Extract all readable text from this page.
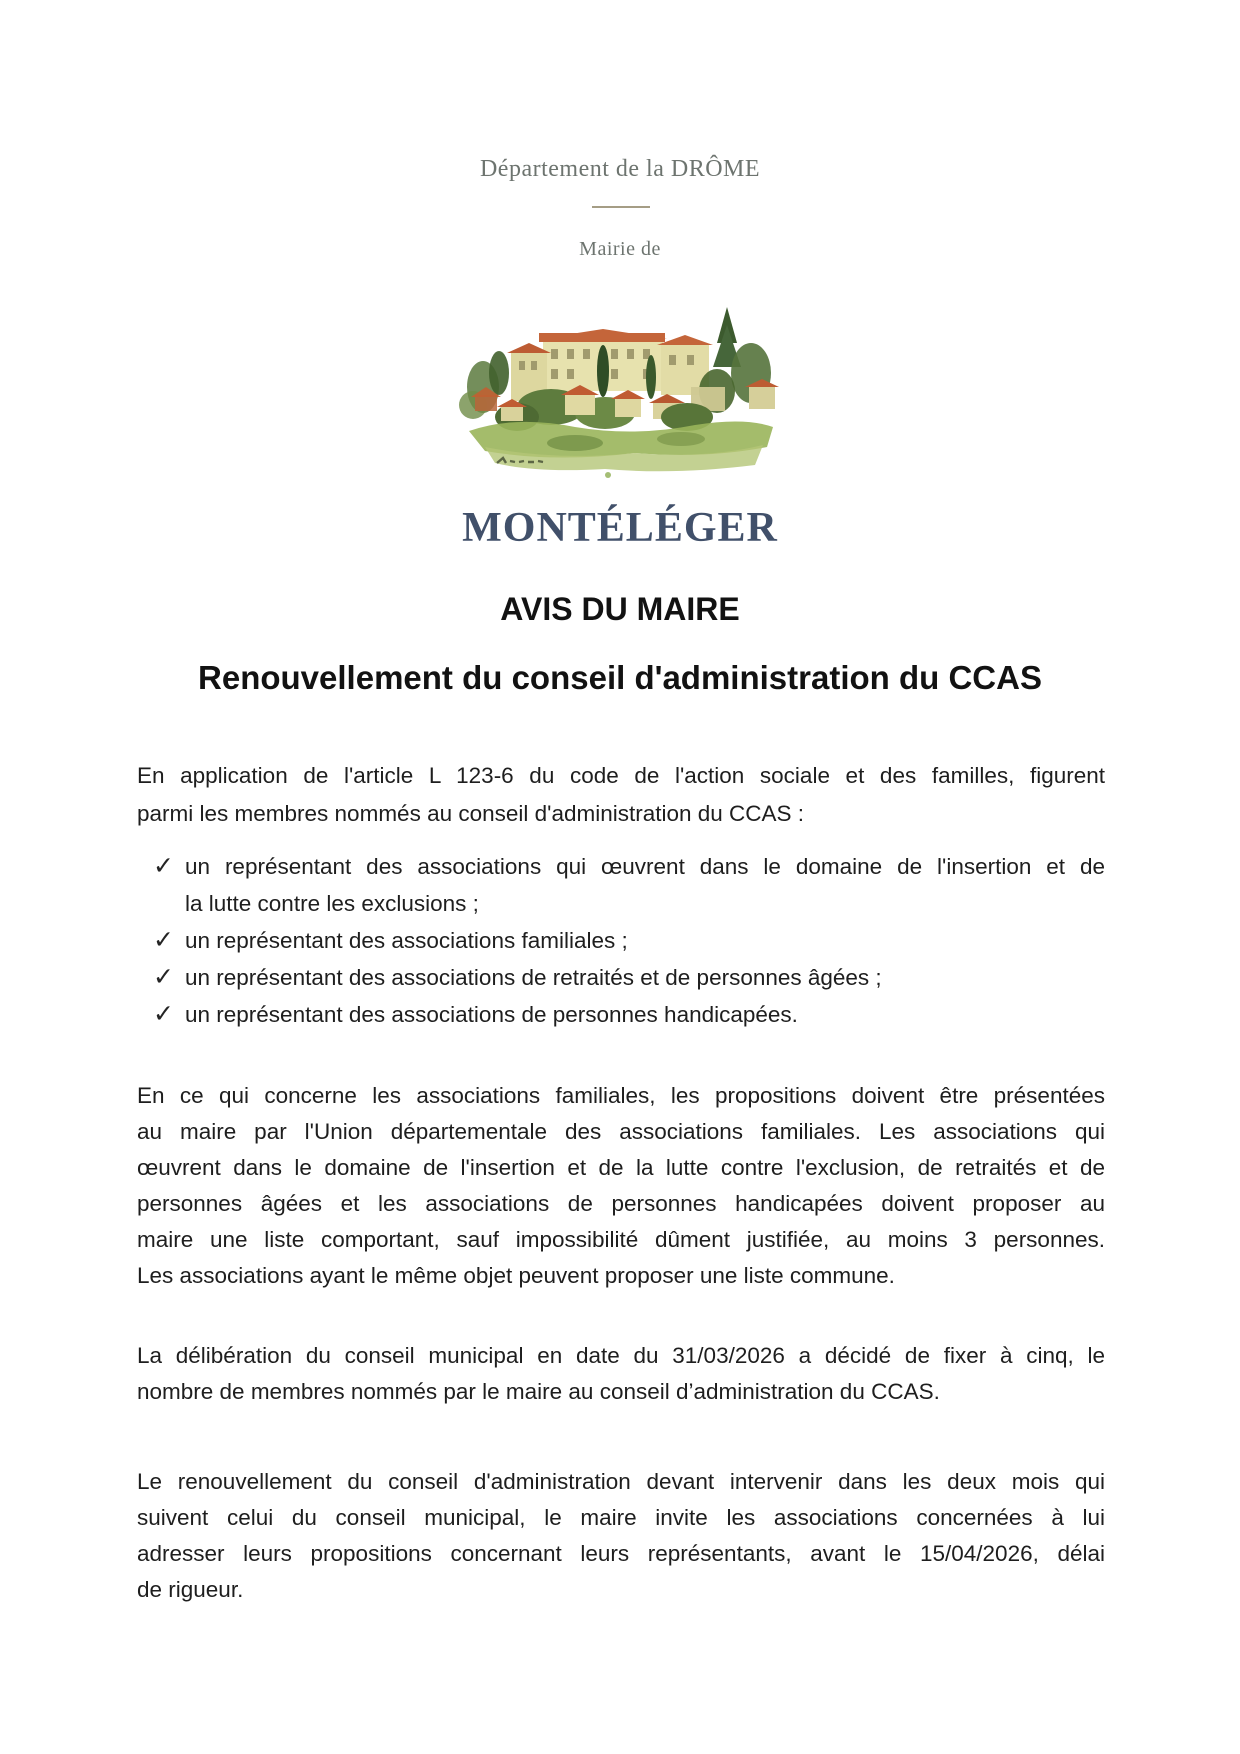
Département de la DRÔME
Mairie de
MONTÉLÉGER
AVIS DU MAIRE
Renouvellement du conseil d'administration du CCAS
En application de l'article L 123-6 du code de l'action sociale et des familles, figurent
parmi les membres nommés au conseil d'administration du CCAS :
✓ un représentant des associations qui œuvrent dans le domaine de l'insertion et de
la lutte contre les exclusions ;
✓ un représentant des associations familiales ;
✓ un représentant des associations de retraités et de personnes âgées ;
✓ un représentant des associations de personnes handicapées.
En ce qui concerne les associations familiales, les propositions doivent être présentées
au maire par l'Union départementale des associations familiales. Les associations qui
œuvrent dans le domaine de l'insertion et de la lutte contre l'exclusion, de retraités et de
personnes âgées et les associations de personnes handicapées doivent proposer au
maire une liste comportant, sauf impossibilité dûment justifiée, au moins 3 personnes.
Les associations ayant le même objet peuvent proposer une liste commune.
La délibération du conseil municipal en date du 31/03/2026 a décidé de fixer à cinq, le
nombre de membres nommés par le maire au conseil d’administration du CCAS.
Le renouvellement du conseil d'administration devant intervenir dans les deux mois qui
suivent celui du conseil municipal, le maire invite les associations concernées à lui
adresser leurs propositions concernant leurs représentants, avant le 15/04/2026, délai
de rigueur.
